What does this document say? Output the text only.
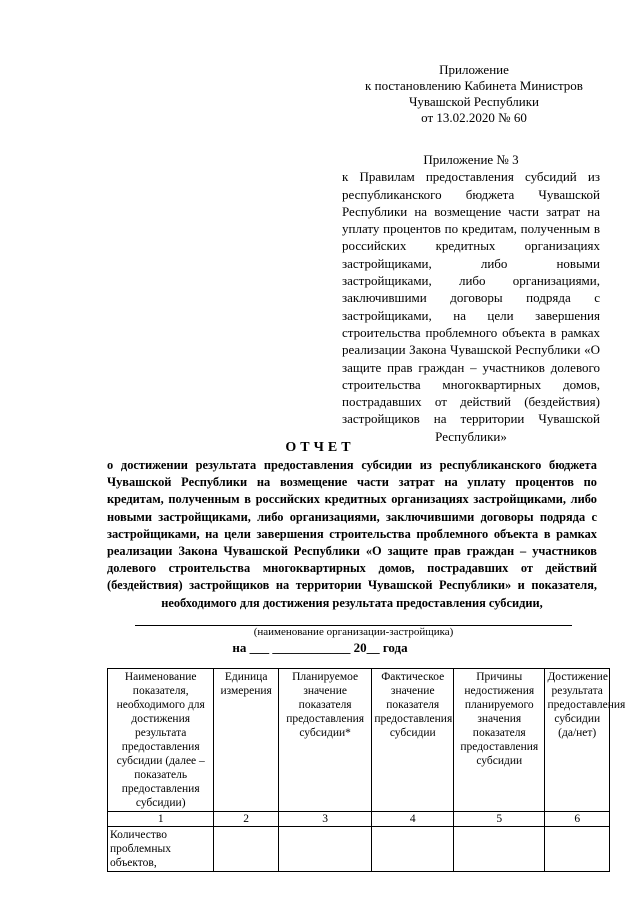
Приложение
к постановлению Кабинета Министров
Чувашской Республики
от 13.02.2020 № 60
Приложение № 3
к Правилам предоставления субсидий из республиканского бюджета Чувашской Республики на возмещение части затрат на уплату процентов по кредитам, полученным в российских кредитных организациях застройщиками, либо новыми застройщиками, либо организациями, заключившими договоры подряда с застройщиками, на цели завершения строительства проблемного объекта в рамках реализации Закона Чувашской Республики «О защите прав граждан – участников долевого строительства многоквартирных домов, пострадавших от действий (бездействия) застройщиков на территории Чувашской Республики»
ОТЧЕТ
о достижении результата предоставления субсидии из республиканского бюджета Чувашской Республики на возмещение части затрат на уплату процентов по кредитам, полученным в российских кредитных организациях застройщиками, либо новыми застройщиками, либо организациями, заключившими договоры подряда с застройщиками, на цели завершения строительства проблемного объекта в рамках реализации Закона Чувашской Республики «О защите прав граждан – участников долевого строительства многоквартирных домов, пострадавших от действий (бездействия) застройщиков на территории Чувашской Республики» и показателя, необходимого для достижения результата предоставления субсидии,
(наименование организации-застройщика)
на ___ ____________ 20__ года
Наименование показателя, необходимого для достижения результата предоставления субсидии (далее – показатель предоставления субсидии)	Единица измерения	Планируемое значение показателя предоставления субсидии*	Фактическое значение показателя предоставления субсидии	Причины недостижения планируемого значения показателя предоставления субсидии	Достижение результата предоставления субсидии (да/нет)
1	2	3	4	5	6
Количество проблемных объектов,					
